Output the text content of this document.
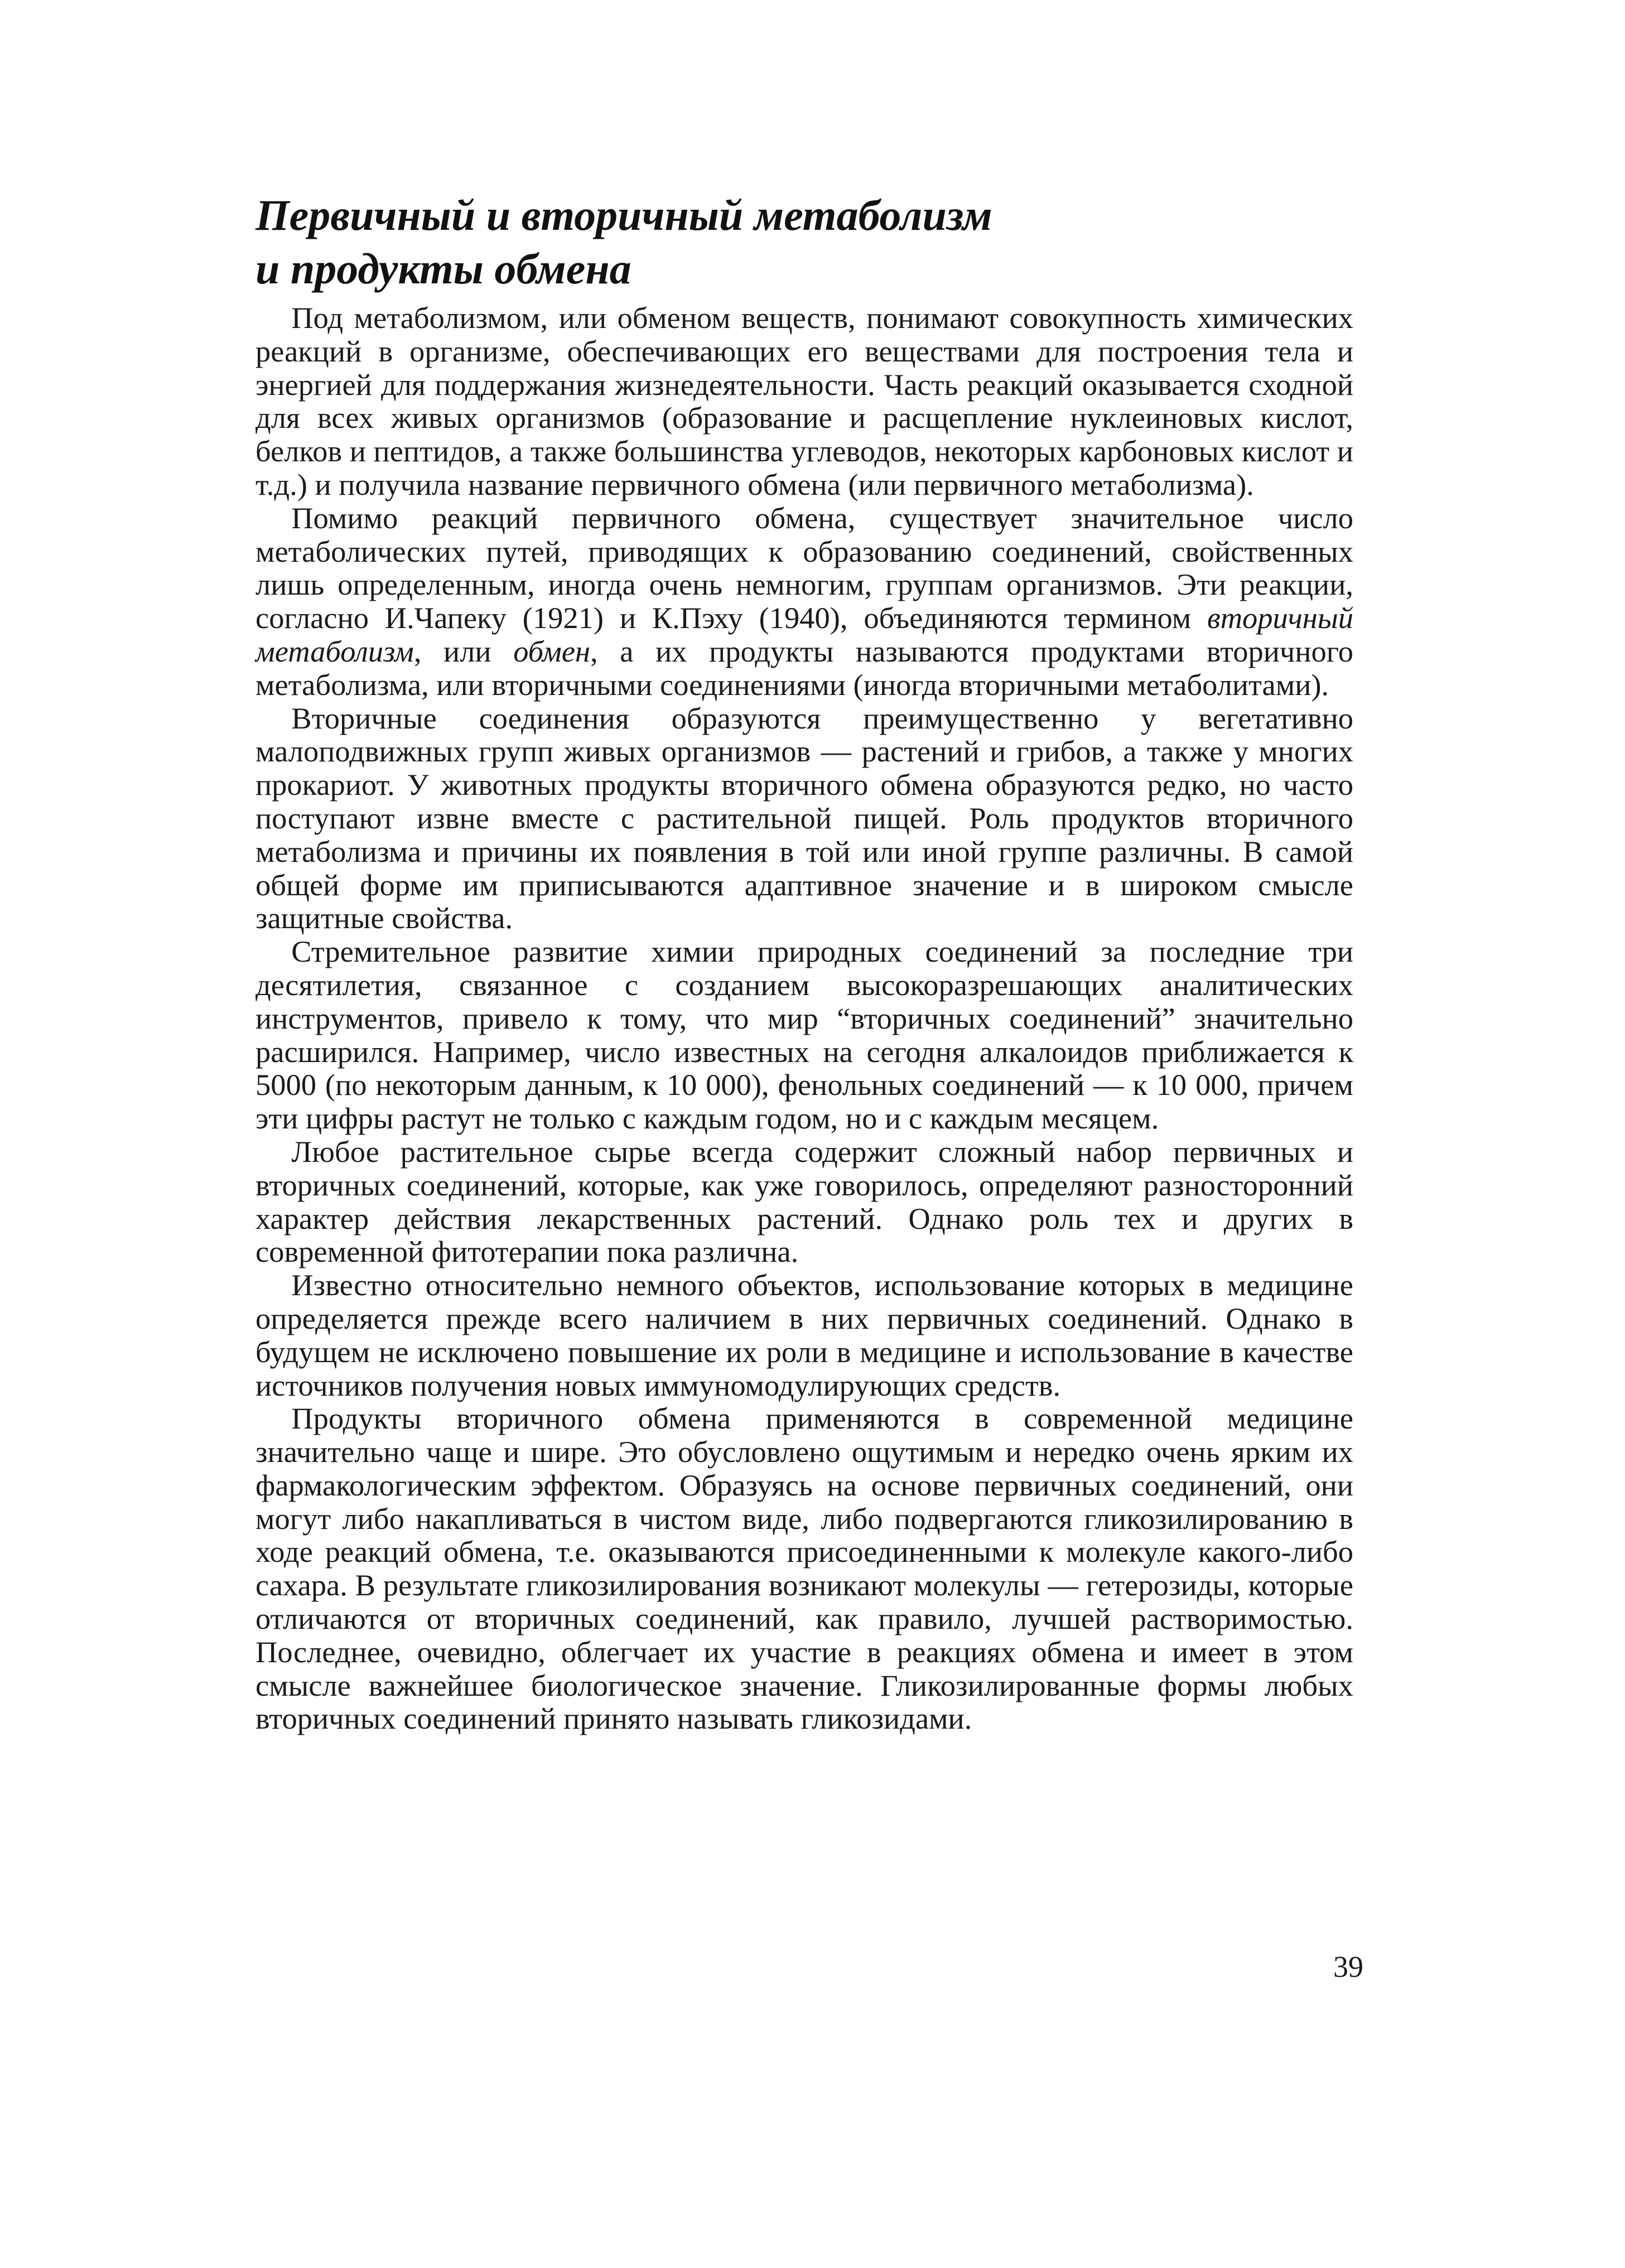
Первичный и вторичный метаболизм
и продукты обмена

Под метаболизмом, или обменом веществ, понимают совокупность химических реакций в организме, обеспечивающих его веществами для построения тела и энергией для поддержания жизнедеятельности. Часть реакций оказывается сходной для всех живых организмов (образование и расщепление нуклеиновых кислот, белков и пептидов, а также большинства углеводов, некоторых карбоновых кислот и т.д.) и получила название первичного обмена (или первичного метаболизма).

Помимо реакций первичного обмена, существует значительное число метаболических путей, приводящих к образованию соединений, свойственных лишь определенным, иногда очень немногим, группам организмов. Эти реакции, согласно И.Чапеку (1921) и К.Пэху (1940), объединяются термином вторичный метаболизм, или обмен, а их продукты называются продуктами вторичного метаболизма, или вторичными соединениями (иногда вторичными метаболитами).

Вторичные соединения образуются преимущественно у вегетативно малоподвижных групп живых организмов — растений и грибов, а также у многих прокариот. У животных продукты вторичного обмена образуются редко, но часто поступают извне вместе с растительной пищей. Роль продуктов вторичного метаболизма и причины их появления в той или иной группе различны. В самой общей форме им приписываются адаптивное значение и в широком смысле защитные свойства.

Стремительное развитие химии природных соединений за последние три десятилетия, связанное с созданием высокоразрешающих аналитических инструментов, привело к тому, что мир “вторичных соединений” значительно расширился. Например, число известных на сегодня алкалоидов приближается к 5000 (по некоторым данным, к 10 000), фенольных соединений — к 10 000, причем эти цифры растут не только с каждым годом, но и с каждым месяцем.

Любое растительное сырье всегда содержит сложный набор первичных и вторичных соединений, которые, как уже говорилось, определяют разносторонний характер действия лекарственных растений. Однако роль тех и других в современной фитотерапии пока различна.

Известно относительно немного объектов, использование которых в медицине определяется прежде всего наличием в них первичных соединений. Однако в будущем не исключено повышение их роли в медицине и использование в качестве источников получения новых иммуномодулирующих средств.

Продукты вторичного обмена применяются в современной медицине значительно чаще и шире. Это обусловлено ощутимым и нередко очень ярким их фармакологическим эффектом. Образуясь на основе первичных соединений, они могут либо накапливаться в чистом виде, либо подвергаются гликозилированию в ходе реакций обмена, т.е. оказываются присоединенными к молекуле какого-либо сахара. В результате гликозилирования возникают молекулы — гетерозиды, которые отличаются от вторичных соединений, как правило, лучшей растворимостью. Последнее, очевидно, облегчает их участие в реакциях обмена и имеет в этом смысле важнейшее биологическое значение. Гликозилированные формы любых вторичных соединений принято называть гликозидами.

39
